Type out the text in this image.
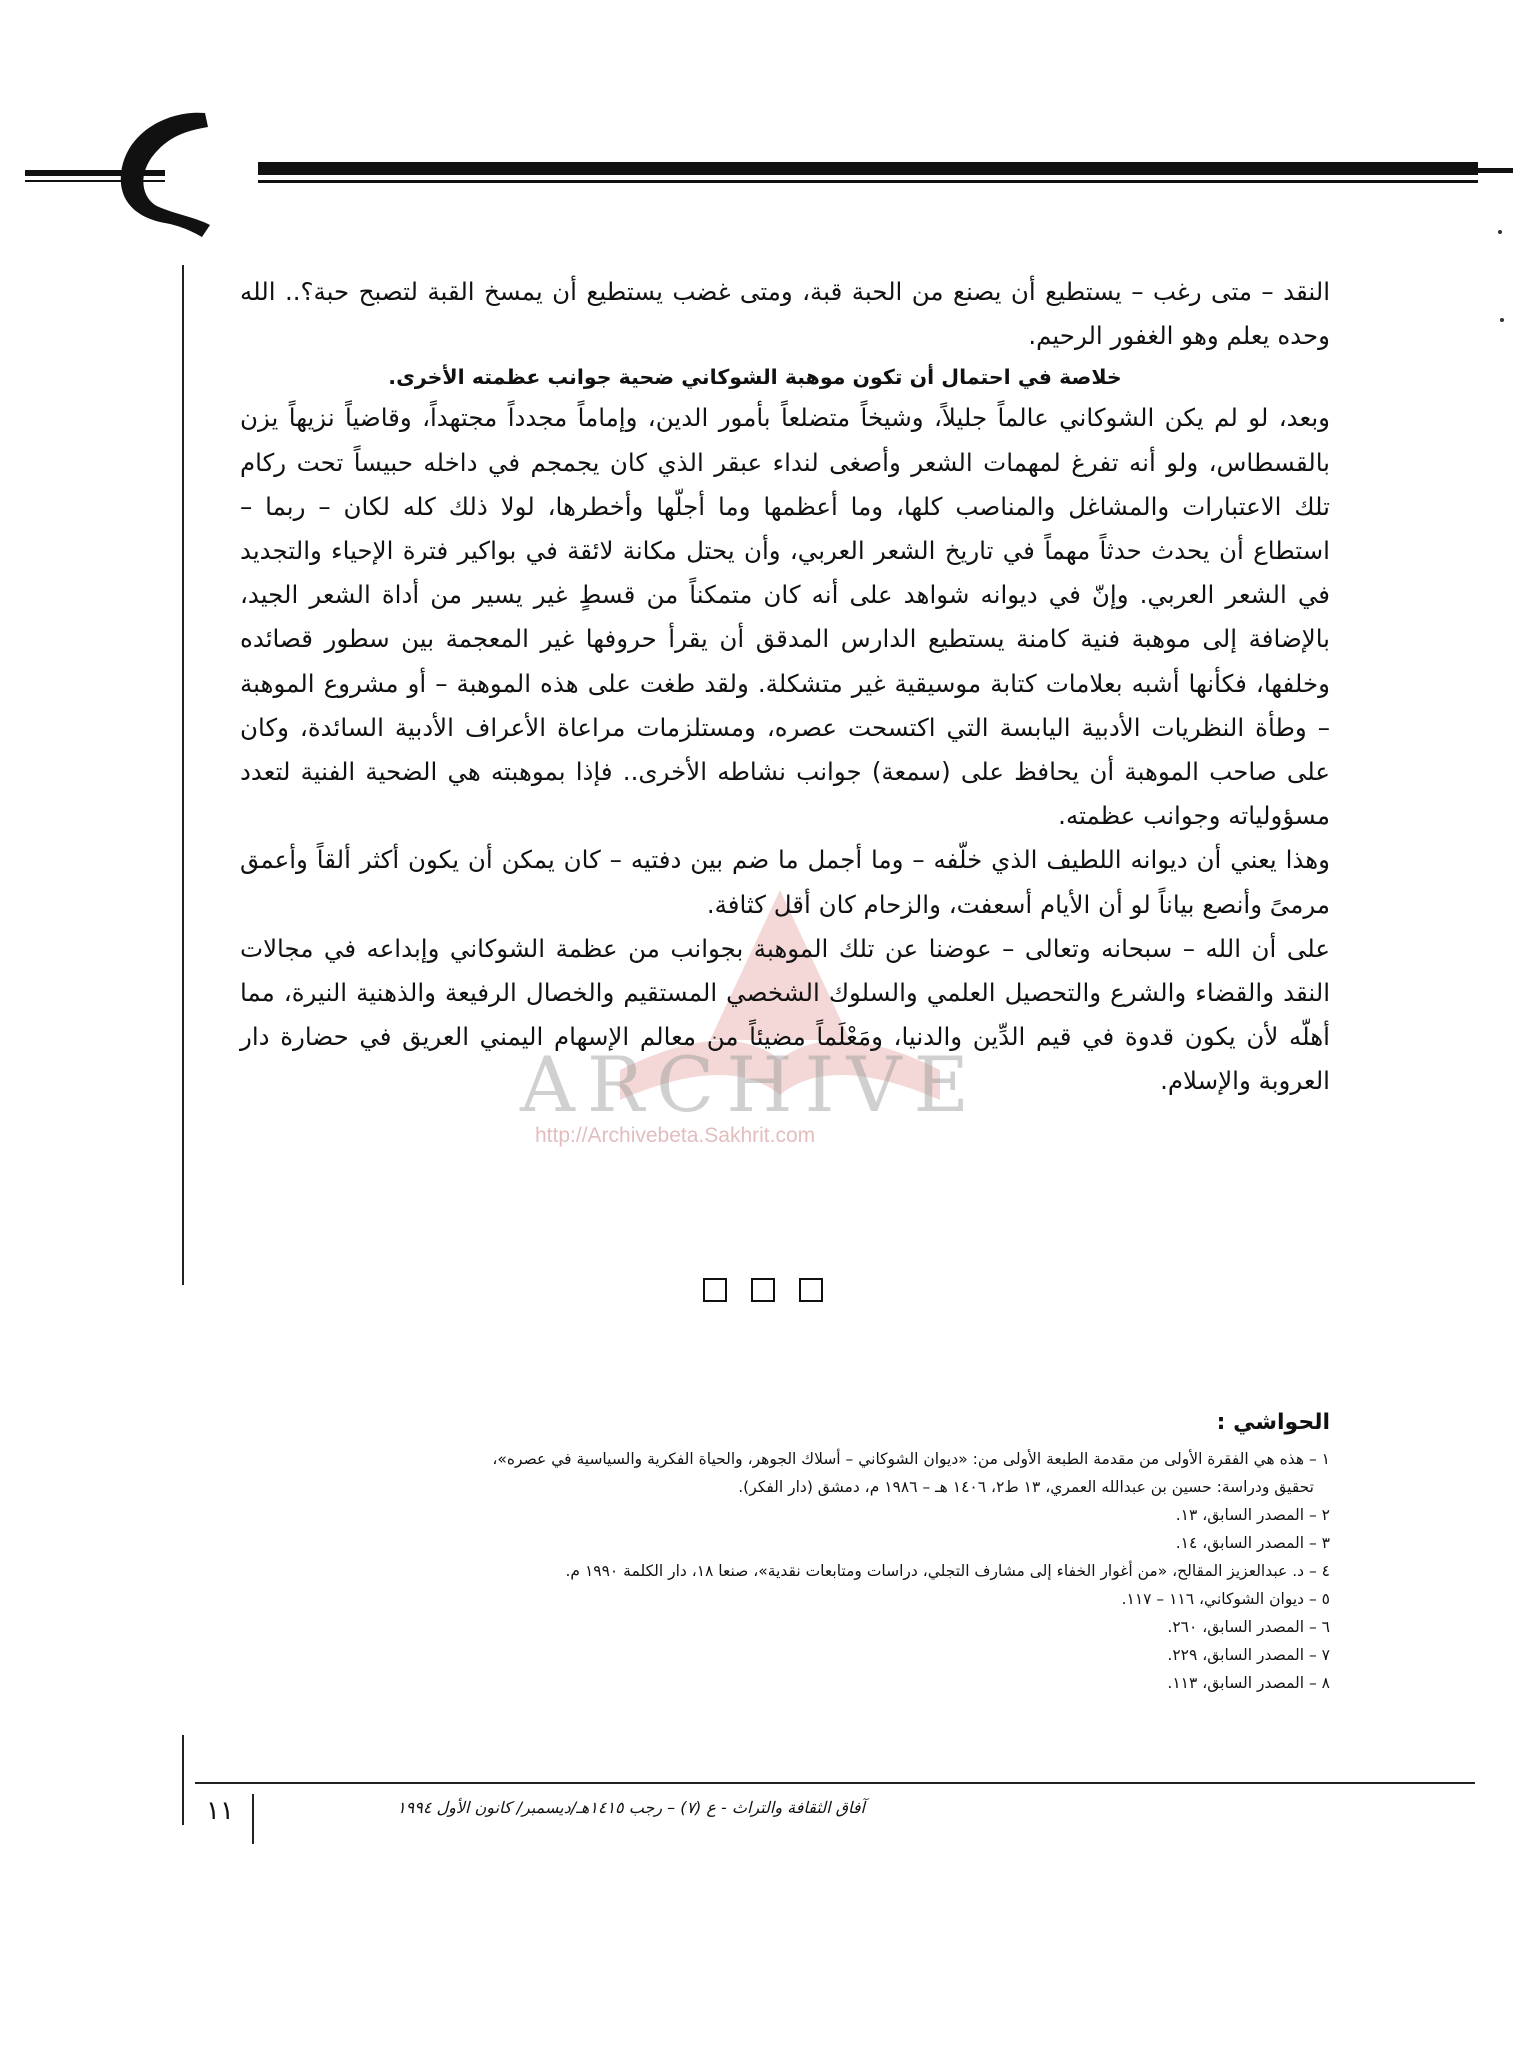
ARCHIVE
http://Archivebeta.Sakhrit.com

النقد – متى رغب – يستطيع أن يصنع من الحبة قبة، ومتى غضب يستطيع أن يمسخ القبة لتصبح حبة؟.. الله وحده يعلم وهو الغفور الرحيم.

خلاصة في احتمال أن تكون موهبة الشوكاني ضحية جوانب عظمته الأخرى.

وبعد، لو لم يكن الشوكاني عالماً جليلاً، وشيخاً متضلعاً بأمور الدين، وإماماً مجدداً مجتهداً، وقاضياً نزيهاً يزن بالقسطاس، ولو أنه تفرغ لمهمات الشعر وأصغى لنداء عبقر الذي كان يجمجم في داخله حبيساً تحت ركام تلك الاعتبارات والمشاغل والمناصب كلها، وما أعظمها وما أجلّها وأخطرها، لولا ذلك كله لكان – ربما – استطاع أن يحدث حدثاً مهماً في تاريخ الشعر العربي، وأن يحتل مكانة لائقة في بواكير فترة الإحياء والتجديد في الشعر العربي. وإنّ في ديوانه شواهد على أنه كان متمكناً من قسطٍ غير يسير من أداة الشعر الجيد، بالإضافة إلى موهبة فنية كامنة يستطيع الدارس المدقق أن يقرأ حروفها غير المعجمة بين سطور قصائده وخلفها، فكأنها أشبه بعلامات كتابة موسيقية غير متشكلة. ولقد طغت على هذه الموهبة – أو مشروع الموهبة – وطأة النظريات الأدبية اليابسة التي اكتسحت عصره، ومستلزمات مراعاة الأعراف الأدبية السائدة، وكان على صاحب الموهبة أن يحافظ على (سمعة) جوانب نشاطه الأخرى.. فإذا بموهبته هي الضحية الفنية لتعدد مسؤولياته وجوانب عظمته.

وهذا يعني أن ديوانه اللطيف الذي خلّفه – وما أجمل ما ضم بين دفتيه – كان يمكن أن يكون أكثر ألقاً وأعمق مرمىً وأنصع بياناً لو أن الأيام أسعفت، والزحام كان أقل كثافة.

على أن الله – سبحانه وتعالى – عوضنا عن تلك الموهبة بجوانب من عظمة الشوكاني وإبداعه في مجالات النقد والقضاء والشرع والتحصيل العلمي والسلوك الشخصي المستقيم والخصال الرفيعة والذهنية النيرة، مما أهلّه لأن يكون قدوة في قيم الدِّين والدنيا، ومَعْلَماً مضيئاً من معالم الإسهام اليمني العريق في حضارة دار العروبة والإسلام.

الحواشي :

١ – هذه هي الفقرة الأولى من مقدمة الطبعة الأولى من: «ديوان الشوكاني – أسلاك الجوهر، والحياة الفكرية والسياسية في عصره»،

تحقيق ودراسة: حسين بن عبدالله العمري، ١٣ ط٢، ١٤٠٦ هـ – ١٩٨٦ م، دمشق (دار الفكر).

٢ – المصدر السابق، ١٣.

٣ – المصدر السابق، ١٤.

٤ – د. عبدالعزيز المقالح، «من أغوار الخفاء إلى مشارف التجلي، دراسات ومتابعات نقدية»، صنعا ١٨، دار الكلمة ١٩٩٠ م.

٥ – ديوان الشوكاني، ١١٦ – ١١٧.

٦ – المصدر السابق، ٢٦٠.

٧ – المصدر السابق، ٢٢٩.

٨ – المصدر السابق، ١١٣.

١١	آفاق الثقافة والتراث - ع (٧) – رجب ١٤١٥هـ/ديسمبر/ كانون الأول ١٩٩٤
